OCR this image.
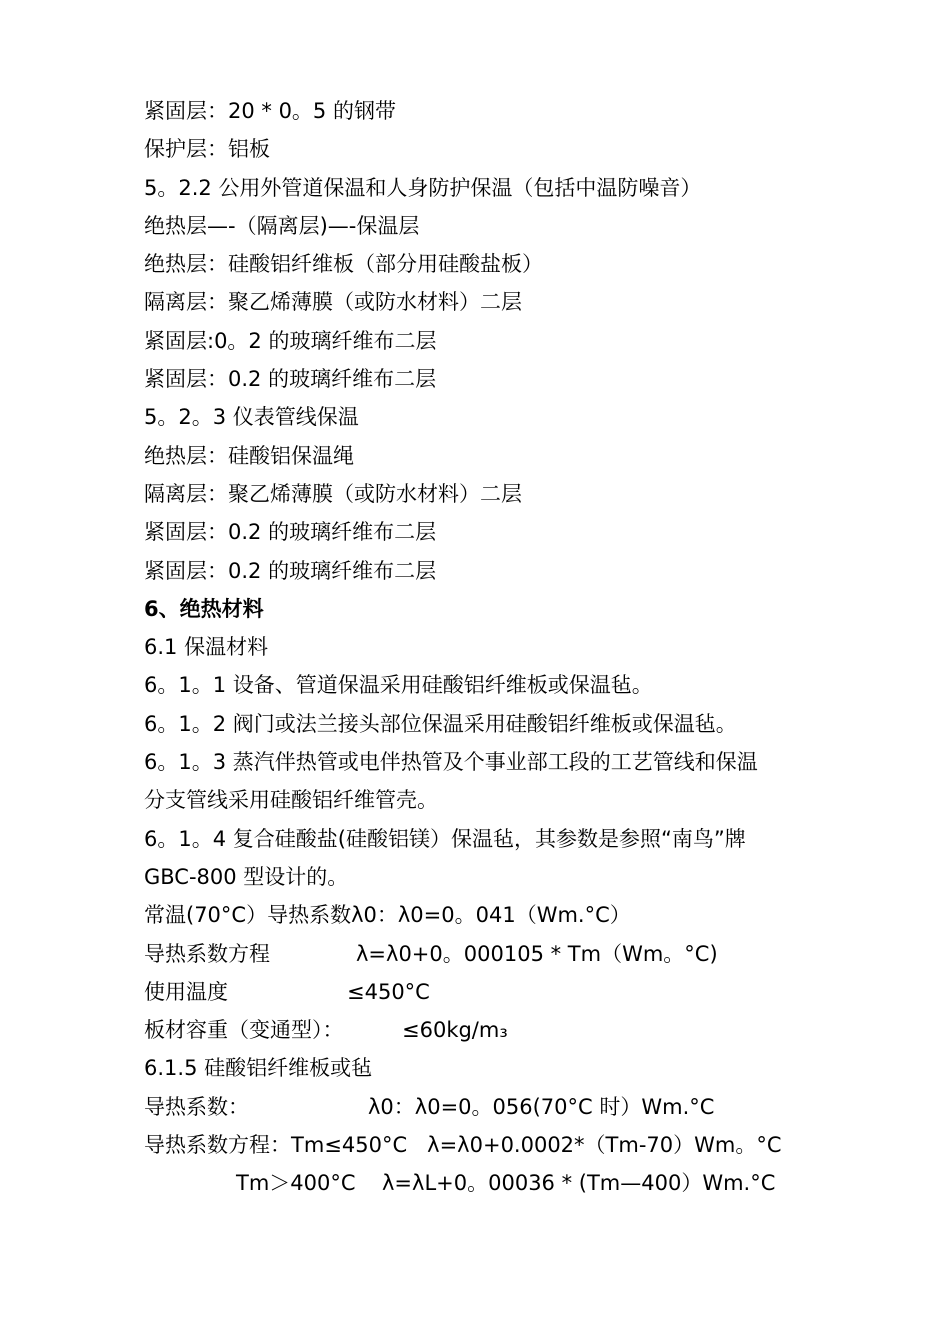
紧固层：20 * 0。5 的钢带
保护层：铝板
5。2.2 公用外管道保温和人身防护保温（包括中温防噪音）
绝热层—-（隔离层)—-保温层
绝热层：硅酸铝纤维板（部分用硅酸盐板）
隔离层：聚乙烯薄膜（或防水材料）二层
紧固层:0。2 的玻璃纤维布二层
紧固层：0.2 的玻璃纤维布二层
5。2。3 仪表管线保温
绝热层：硅酸铝保温绳
隔离层：聚乙烯薄膜（或防水材料）二层
紧固层：0.2 的玻璃纤维布二层
紧固层：0.2 的玻璃纤维布二层
6、绝热材料
6.1 保温材料
6。1。1 设备、管道保温采用硅酸铝纤维板或保温毡。
6。1。2 阀门或法兰接头部位保温采用硅酸铝纤维板或保温毡。
6。1。3 蒸汽伴热管或电伴热管及个事业部工段的工艺管线和保温
分支管线采用硅酸铝纤维管壳。
6。1。4 复合硅酸盐(硅酸铝镁）保温毡，其参数是参照“南鸟”牌
GBC-800 型设计的。
常温(70°C）导热系数λ0：λ0=0。041（Wm.°C）
导热系数方程	λ=λ0+0。000105 * Tm（Wm。°C)
使用温度	≤450°C
板材容重（变通型）：	≤60kg/m₃
6.1.5 硅酸铝纤维板或毡
导热系数：	λ0：λ0=0。056(70°C 时）Wm.°C
导热系数方程：Tm≤450°C λ=λ0+0.0002*（Tm-70）Wm。°C
Tm＞400°C λ=λL+0。00036 * (Tm—400）Wm.°C
